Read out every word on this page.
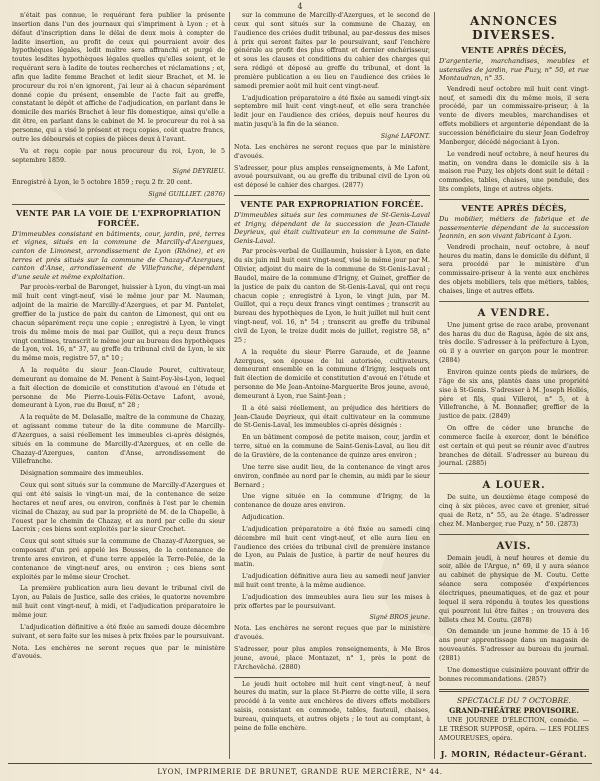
4

n'était pas connue, le requérant fera publier la présente insertion dans l'un des journaux qui s'impriment à Lyon ; et à défaut d'inscription dans le délai de deux mois à compter de ladite insertion, au profit de ceux qui pourraient avoir des hypothèques légales, ledit maître sera affranchi et purgé de toutes lesdites hypothèques légales quelles qu'elles soient, et le requérant sera à ladite de toutes recherches et réclamations ; et, afin que ladite femme Brachet et ledit sieur Brachet, et M. le procureur du roi n'en ignorent, j'ai leur ai à chacun séparément donné copie du présent, ensemble de l'acte fait au greffe, constatant le dépôt et affiche de l'adjudication, en parlant dans le domicile des mariés Brachet à leur fils domestique, ainsi qu'elle a dit être, en parlant dans le cabinet de M. le procureur du roi à sa personne, qui a visé le présent et reçu copies, coût quatre francs, outre les déboursés et copies de pièces deux à l'avant.

Vu et reçu copie par nous procureur du roi, Lyon, le 5 septembre 1859.

Signé DEYRIEU.

Enregistré à Lyon, le 5 octobre 1859 ; reçu 2 fr. 20 cent.

Signé GUILLIET. (2876)

VENTE PAR LA VOIE DE L'EXPROPRIATION FORCÉE.
D'immeubles consistant en bâtiments, cour, jardin, pré, terres et vignes, situés en la commune de Marcilly-d'Azergues, canton de Limonest, arrondissement de Lyon (Rhône), et en terres et prés situés sur la commune de Chazay-d'Azergues, canton d'Anse, arrondissement de Villefranche, dépendant d'une seule et même exploitation.

Par procès-verbal de Baronget, huissier à Lyon, du vingt-un mai mil huit cent vingt-neuf, visé le même jour par M. Nauman, adjoint de la mairie de Marcilly-d'Azergues, et par M. Pantelet, greffier de la justice de paix du canton de Limonest, qui ont eu chacun séparément reçu une copie ; enregistré à Lyon, le vingt trois du même mois de mai par Guillot, qui a reçu deux francs vingt centimes, transcrit le même jour au bureau des hypothèques de Lyon, vol. 16, n° 37, au greffe du tribunal civil de Lyon, le six du même mois, registre 57, n° 10 ;

A la requête du sieur Jean-Claude Pouret, cultivateur, demeurant au domaine de M. Penent à Saint-Foy-lès-Lyon, lequel a fait élection de domicile et constitution d'avoué en l'étude et personne de Me Pierre-Louis-Félix-Octave Lafont, avoué, demeurant à Lyon, rue du Bœuf, n° 28 ;

A la requête de M. Delasalle, maître de la commune de Chazay, et agissant comme tuteur de la dite commune de Marcilly-d'Azergues, a saisi réellement les immeubles ci-après désignés, situés en la commune de Marcilly-d'Azergues, et en celle de Chazay-d'Azergues, canton d'Anse, arrondissement de Villefranche.

Désignation sommaire des immeubles.

Ceux qui sont situés sur la commune de Marcilly-d'Azergues et qui ont été saisis le vingt-un mai, de la contenance de seize hectares et neuf ares, ou environ, confinés à l'est par le chemin vicinal de Chazay, au sud par la propriété de M. de la Chapelle, à l'ouest par le chemin de Chazay, et au nord par celle du sieur Lacroix ; ces biens sont exploités par le sieur Crochet.

Ceux qui sont situés sur la commune de Chazay-d'Azergues, se composant d'un pré appelé les Bousses, de la contenance de trente ares environ, et d'une terre appelée la Terre-Pelée, de la contenance de vingt-neuf ares, ou environ ; ces biens sont exploités par le même sieur Crochet.

La première publication aura lieu devant le tribunal civil de Lyon, au Palais de Justice, salle des criées, le quatorze novembre mil huit cent vingt-neuf, à midi, et l'adjudication préparatoire le même jour.

L'adjudication définitive a été fixée au samedi douze décembre suivant, et sera faite sur les mises à prix fixées par le poursuivant.

Nota. Les enchères ne seront reçues que par le ministère d'avoués.

sur la commune de Marcilly-d'Azergues, et le second de ceux qui sont situés sur la commune de Chazay, en l'audience des criées dudit tribunal, au par-dessus des mises à prix qui seront faites par le poursuivant, sauf l'enchère générale au profit des plus offrant et dernier enchérisseur, et sous les clauses et conditions du cahier des charges qui sera rédigé et déposé au greffe du tribunal, et dont la première publication a eu lieu en l'audience des criées le samedi premier août mil huit cent vingt-neuf.

L'adjudication préparatoire a été fixée au samedi vingt-six septembre mil huit cent vingt-neuf, et elle sera tranchée ledit jour en l'audience des criées, depuis neuf heures du matin jusqu'à la fin de la séance.

Signé LAFONT.

Nota. Les enchères ne seront reçues que par le ministère d'avoués.

S'adresser, pour plus amples renseignements, à Me Lafont, avoué poursuivant, ou au greffe du tribunal civil de Lyon où est déposé le cahier des charges. (2877)

VENTE PAR EXPROPRIATION FORCÉE.
D'immeubles situés sur les communes de St-Genis-Laval et Irigny, dépendant de la succession de Jean-Claude Deyrieux, qui était cultivateur en la commune de Saint-Genis-Laval.

Par procès-verbal de Guillaumin, huissier à Lyon, en date du six juin mil huit cent vingt-neuf, visé le même jour par M. Olivier, adjoint du maire de la commune de St-Genis-Laval ; Baudel, maire de la commune d'Irigny, et Guinet, greffier de la justice de paix du canton de St-Genis-Laval, qui ont reçu chacun copie ; enregistré à Lyon, le vingt juin, par M. Guillot, qui a reçu deux francs vingt centimes ; transcrit au bureau des hypothèques de Lyon, le huit juillet mil huit cent vingt-neuf, vol. 16, n° 54 ; transcrit au greffe du tribunal civil de Lyon, le treize dudit mois de juillet, registre 58, n° 25 ;

A la requête du sieur Pierre Garaude, et de Jeanne Azergues, son épouse de lui autorisée, cultivateurs, demeurant ensemble en la commune d'Irigny, lesquels ont fait élection de domicile et constitution d'avoué en l'étude et personne de Me Jean-Antoine-Marguerite Bros jeune, avoué, demeurant à Lyon, rue Saint-Jean ;

Il a été saisi réellement, au préjudice des héritiers de Jean-Claude Deyrieux, qui était cultivateur en la commune de St-Genis-Laval, les immeubles ci-après désignés :

En un bâtiment composé de petite maison, cour, jardin et terre, situé en la commune de Saint-Genis-Laval, au lieu dit de la Gravière, de la contenance de quinze ares environ ;

Une terre sise audit lieu, de la contenance de vingt ares environ, confinée au nord par le chemin, au midi par le sieur Bernard ;

Une vigne située en la commune d'Irigny, de la contenance de douze ares environ.

Adjudication.

L'adjudication préparatoire a été fixée au samedi cinq décembre mil huit cent vingt-neuf, et elle aura lieu en l'audience des criées du tribunal civil de première instance de Lyon, au Palais de Justice, à partir de neuf heures du matin.

L'adjudication définitive aura lieu au samedi neuf janvier mil huit cent trente, à la même audience.

L'adjudication des immeubles aura lieu sur les mises à prix offertes par le poursuivant.

Signé BROS jeune.

Nota. Les enchères ne seront reçues que par le ministère d'avoués.

S'adresser, pour plus amples renseignements, à Me Bros jeune, avoué, place Montazet, n° 1, près le pont de l'Archevêché. (2880)

Le jeudi huit octobre mil huit cent vingt-neuf, à neuf heures du matin, sur la place St-Pierre de cette ville, il sera procédé à la vente aux enchères de divers effets mobiliers saisis, consistant en commode, tables, fauteuil, chaises, bureau, quinquets, et autres objets ; le tout au comptant, à peine de folle enchère.

ANNONCES DIVERSES.
VENTE APRÈS DÉCÈS,
D'argenterie, marchandises, meubles et ustensiles de jardin, rue Puzy, n° 50, et rue Montaudran, n° 35.

Vendredi neuf octobre mil huit cent vingt-neuf, et samedi dix du même mois, il sera procédé, par un commissaire-priseur, à la vente de divers meubles, marchandises et effets mobiliers et argenterie dépendant de la succession bénéficiaire du sieur Jean Godefroy Manberger, décédé négociant à Lyon.

Le vendredi neuf octobre, à neuf heures du matin, on vendra dans le domicile sis à la maison rue Puzy, les objets dont suit le détail : commodes, tables, chaises, une pendule, des lits complets, linge et autres objets.

VENTE APRÈS DÉCÈS,
Du mobilier, métiers de fabrique et de passementerie dépendant de la succession Jeannin, en son vivant fabricant à Lyon.

Vendredi prochain, neuf octobre, à neuf heures du matin, dans le domicile du défunt, il sera procédé par le ministère d'un commissaire-priseur à la vente aux enchères des objets mobiliers, tels que métiers, tables, chaises, linge et autres effets.

A VENDRE.

Une jument grise de race arabe, provenant des haras du duc de Ragusa, âgée de six ans, très docile. S'adresser à la préfecture à Lyon, où il y a ouvrier en garçon pour le montrer. (2884)

Environ quinze cents pieds de mûriers, de l'âge de six ans, plantés dans une propriété sise à St-Genis. S'adresser à M. Joseph Hollés, père et fils, quai Villeroi, n° 5, et à Villefranche, à M. Bonnafier, greffier de la justice de paix. (2849)

On offre de céder une branche de commerce facile à exercer, dont le bénéfice est certain et qui peut se réunir avec d'autres branches de détail. S'adresser au bureau du journal. (2885)

A LOUER.

De suite, un deuxième étage composé de cinq à six pièces, avec cave et grenier, situé quai de Retz, n° 55, au 2e étage. S'adresser chez M. Manberger, rue Puzy, n° 50. (2873)

AVIS.

Demain jeudi, à neuf heures et demie du soir, allée de l'Argue, n° 69, il y aura séance au cabinet de physique de M. Coutu. Cette séance sera composée d'expériences électriques, pneumatiques, et de gaz et pour lequel il sera répondu à toutes les questions qui pourront lui être faites ; on trouvera des billets chez M. Coutu. (2878)

On demande un jeune homme de 15 à 16 ans pour apprentissage dans un magasin de nouveautés. S'adresser au bureau du journal. (2881)

Une domestique cuisinière pouvant offrir de bonnes recommandations. (2857)

SPECTACLE DU 7 OCTOBRE.
GRAND-THÉÂTRE PROVISOIRE.

UNE JOURNÉE D'ÉLECTION, comédie. — LE TRÉSOR SUPPOSÉ, opéra. — LES FOLIES AMOUREUSES, opéra.

J. MORIN, Rédacteur-Gérant.
LYON, IMPRIMERIE DE BRUNET, GRANDE RUE MERCIÈRE, N° 44.
